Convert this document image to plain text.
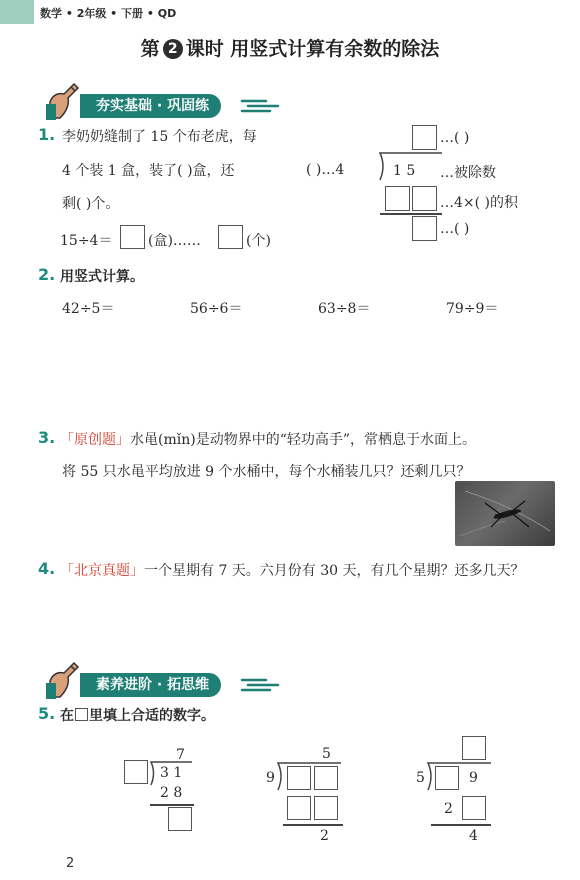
数学 • 2年级 • 下册 • QD
第 2 课时 用竖式计算有余数的除法
夯实基础 · 巩固练
1. 李奶奶缝制了 15 个布老虎，每
4 个装 1 盒，装了( )盒，还
剩( )个。
15÷4＝	(盒)……	(个)
…( )
( )…4	1 5 …被除数
…4×( )的积
…( )
2. 用竖式计算。
42÷5＝	56÷6＝	63÷8＝	79÷9＝
3. 「原创题」水黾(mǐn)是动物界中的“轻功高手”，常栖息于水面上。
将 55 只水黾平均放进 9 个水桶中，每个水桶装几只？还剩几只？
4. 「北京真题」一个星期有 7 天。六月份有 30 天，有几个星期？还多几天？
素养进阶 · 拓思维
5. 在 里填上合适的数字。
7
3 1
2 8
5
9
2
5	9
2
4
2
